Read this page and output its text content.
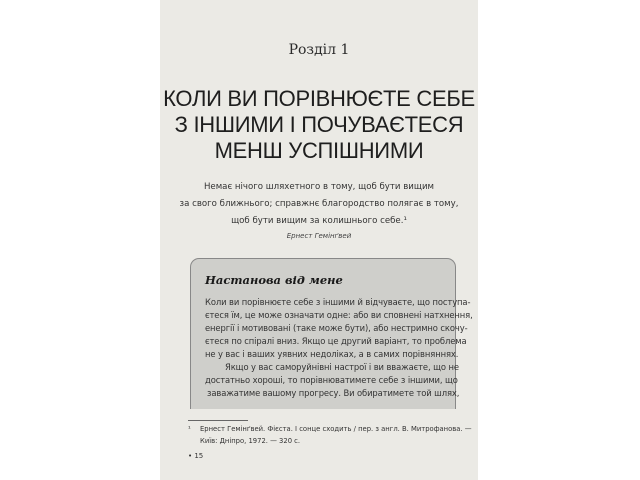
Розділ 1
КОЛИ ВИ ПОРІВНЮЄТЕ СЕБЕ
З ІНШИМИ І ПОЧУВАЄТЕСЯ
МЕНШ УСПІШНИМИ
Немає нічого шляхетного в тому, щоб бути вищим
за свого ближнього; справжнє благородство полягає в тому,
щоб бути вищим за колишнього себе.¹
Ернест Гемінґвей
Настанова від мене
Коли ви порівнюєте себе з іншими й відчуваєте, що поступа-
єтеся їм, це може означати одне: або ви сповнені натхнення,
енергії і мотивовані (таке може бути), або нестримно скочу-
єтеся по спіралі вниз. Якщо це другий варіант, то проблема
не у вас і ваших уявних недоліках, а в самих порівняннях.
Якщо у вас саморуйнівні настрої і ви вважаєте, що не
достатньо хороші, то порівнюватимете себе з іншими, що
заважатиме вашому прогресу. Ви обиратимете той шлях,
¹ Ернест Гемінґвей. Фієста. І сонце сходить / пер. з англ. В. Митрофанова. —
Київ: Дніпро, 1972. — 320 с.
• 15
